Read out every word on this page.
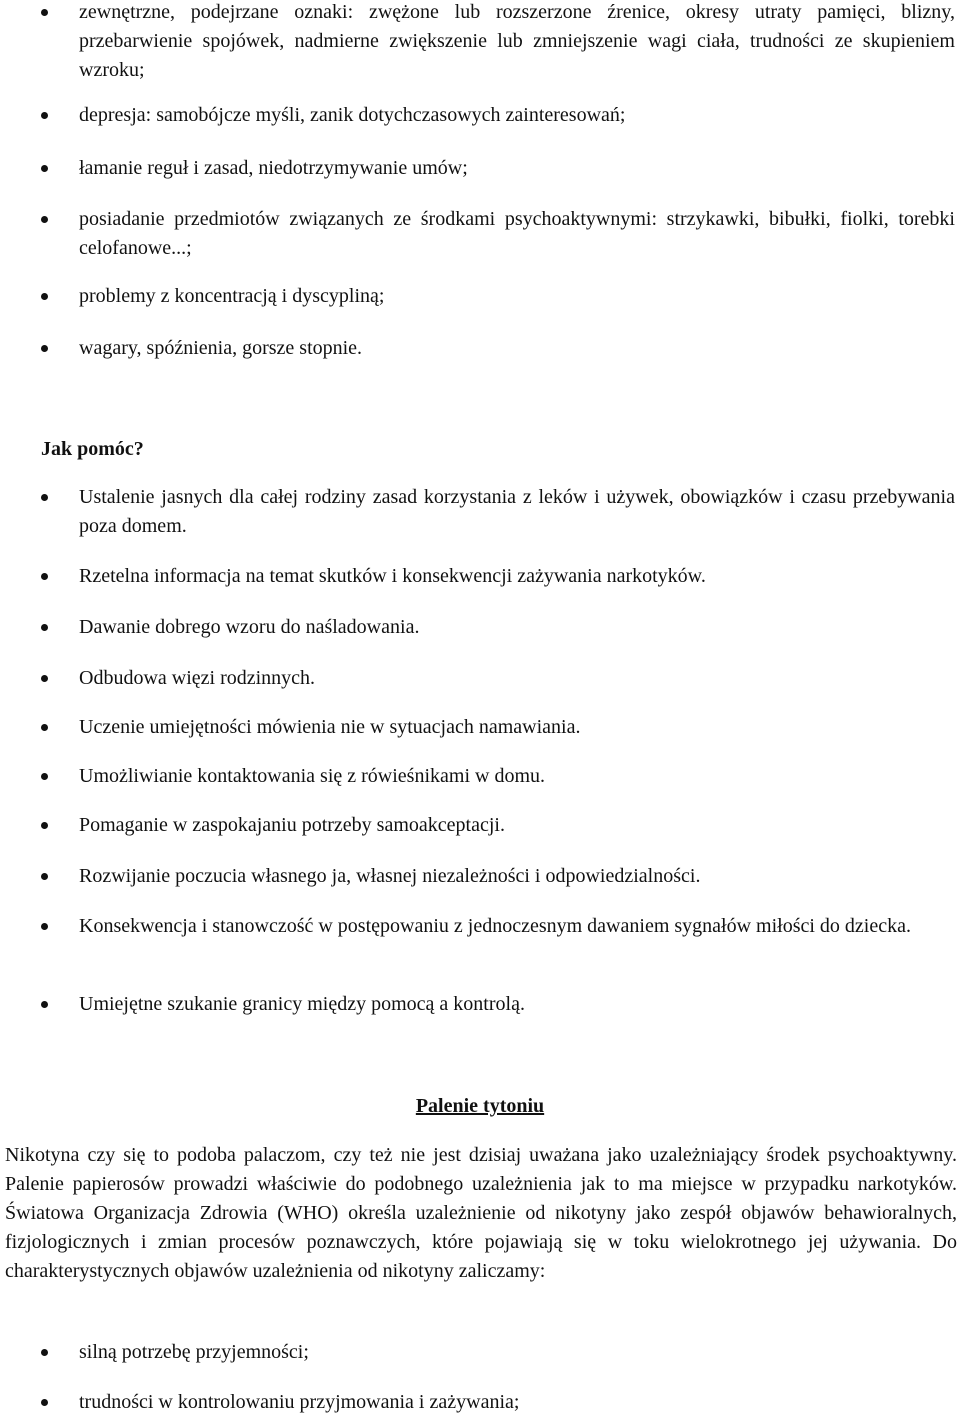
zewnętrzne, podejrzane oznaki: zwężone lub rozszerzone źrenice, okresy utraty pamięci, blizny, przebarwienie spojówek, nadmierne zwiększenie lub zmniejszenie wagi ciała, trudności ze skupieniem wzroku;
depresja: samobójcze myśli, zanik dotychczasowych zainteresowań;
łamanie reguł i zasad, niedotrzymywanie umów;
posiadanie przedmiotów związanych ze środkami psychoaktywnymi: strzykawki, bibułki, fiolki, torebki celofanowe...;
problemy z koncentracją i dyscypliną;
wagary, spóźnienia, gorsze stopnie.
Jak pomóc?
Ustalenie jasnych dla całej rodziny zasad korzystania z leków i używek, obowiązków i czasu przebywania poza domem.
Rzetelna informacja na temat skutków i konsekwencji zażywania narkotyków.
Dawanie dobrego wzoru do naśladowania.
Odbudowa więzi rodzinnych.
Uczenie umiejętności mówienia nie w sytuacjach namawiania.
Umożliwianie kontaktowania się z rówieśnikami w domu.
Pomaganie w zaspokajaniu potrzeby samoakceptacji.
Rozwijanie poczucia własnego ja, własnej niezależności i odpowiedzialności.
Konsekwencja i stanowczość w postępowaniu z jednoczesnym dawaniem sygnałów miłości do dziecka.
Umiejętne szukanie granicy między pomocą a kontrolą.
Palenie tytoniu
Nikotyna czy się to podoba palaczom, czy też nie jest dzisiaj uważana jako uzależniający środek psychoaktywny. Palenie papierosów prowadzi właściwie do podobnego uzależnienia jak to ma miejsce w przypadku narkotyków. Światowa Organizacja Zdrowia (WHO) określa uzależnienie od nikotyny jako zespół objawów behawioralnych, fizjologicznych i zmian procesów poznawczych, które pojawiają się w toku wielokrotnego jej używania. Do charakterystycznych objawów uzależnienia od nikotyny zaliczamy:
silną potrzebę przyjemności;
trudności w kontrolowaniu przyjmowania i zażywania;
